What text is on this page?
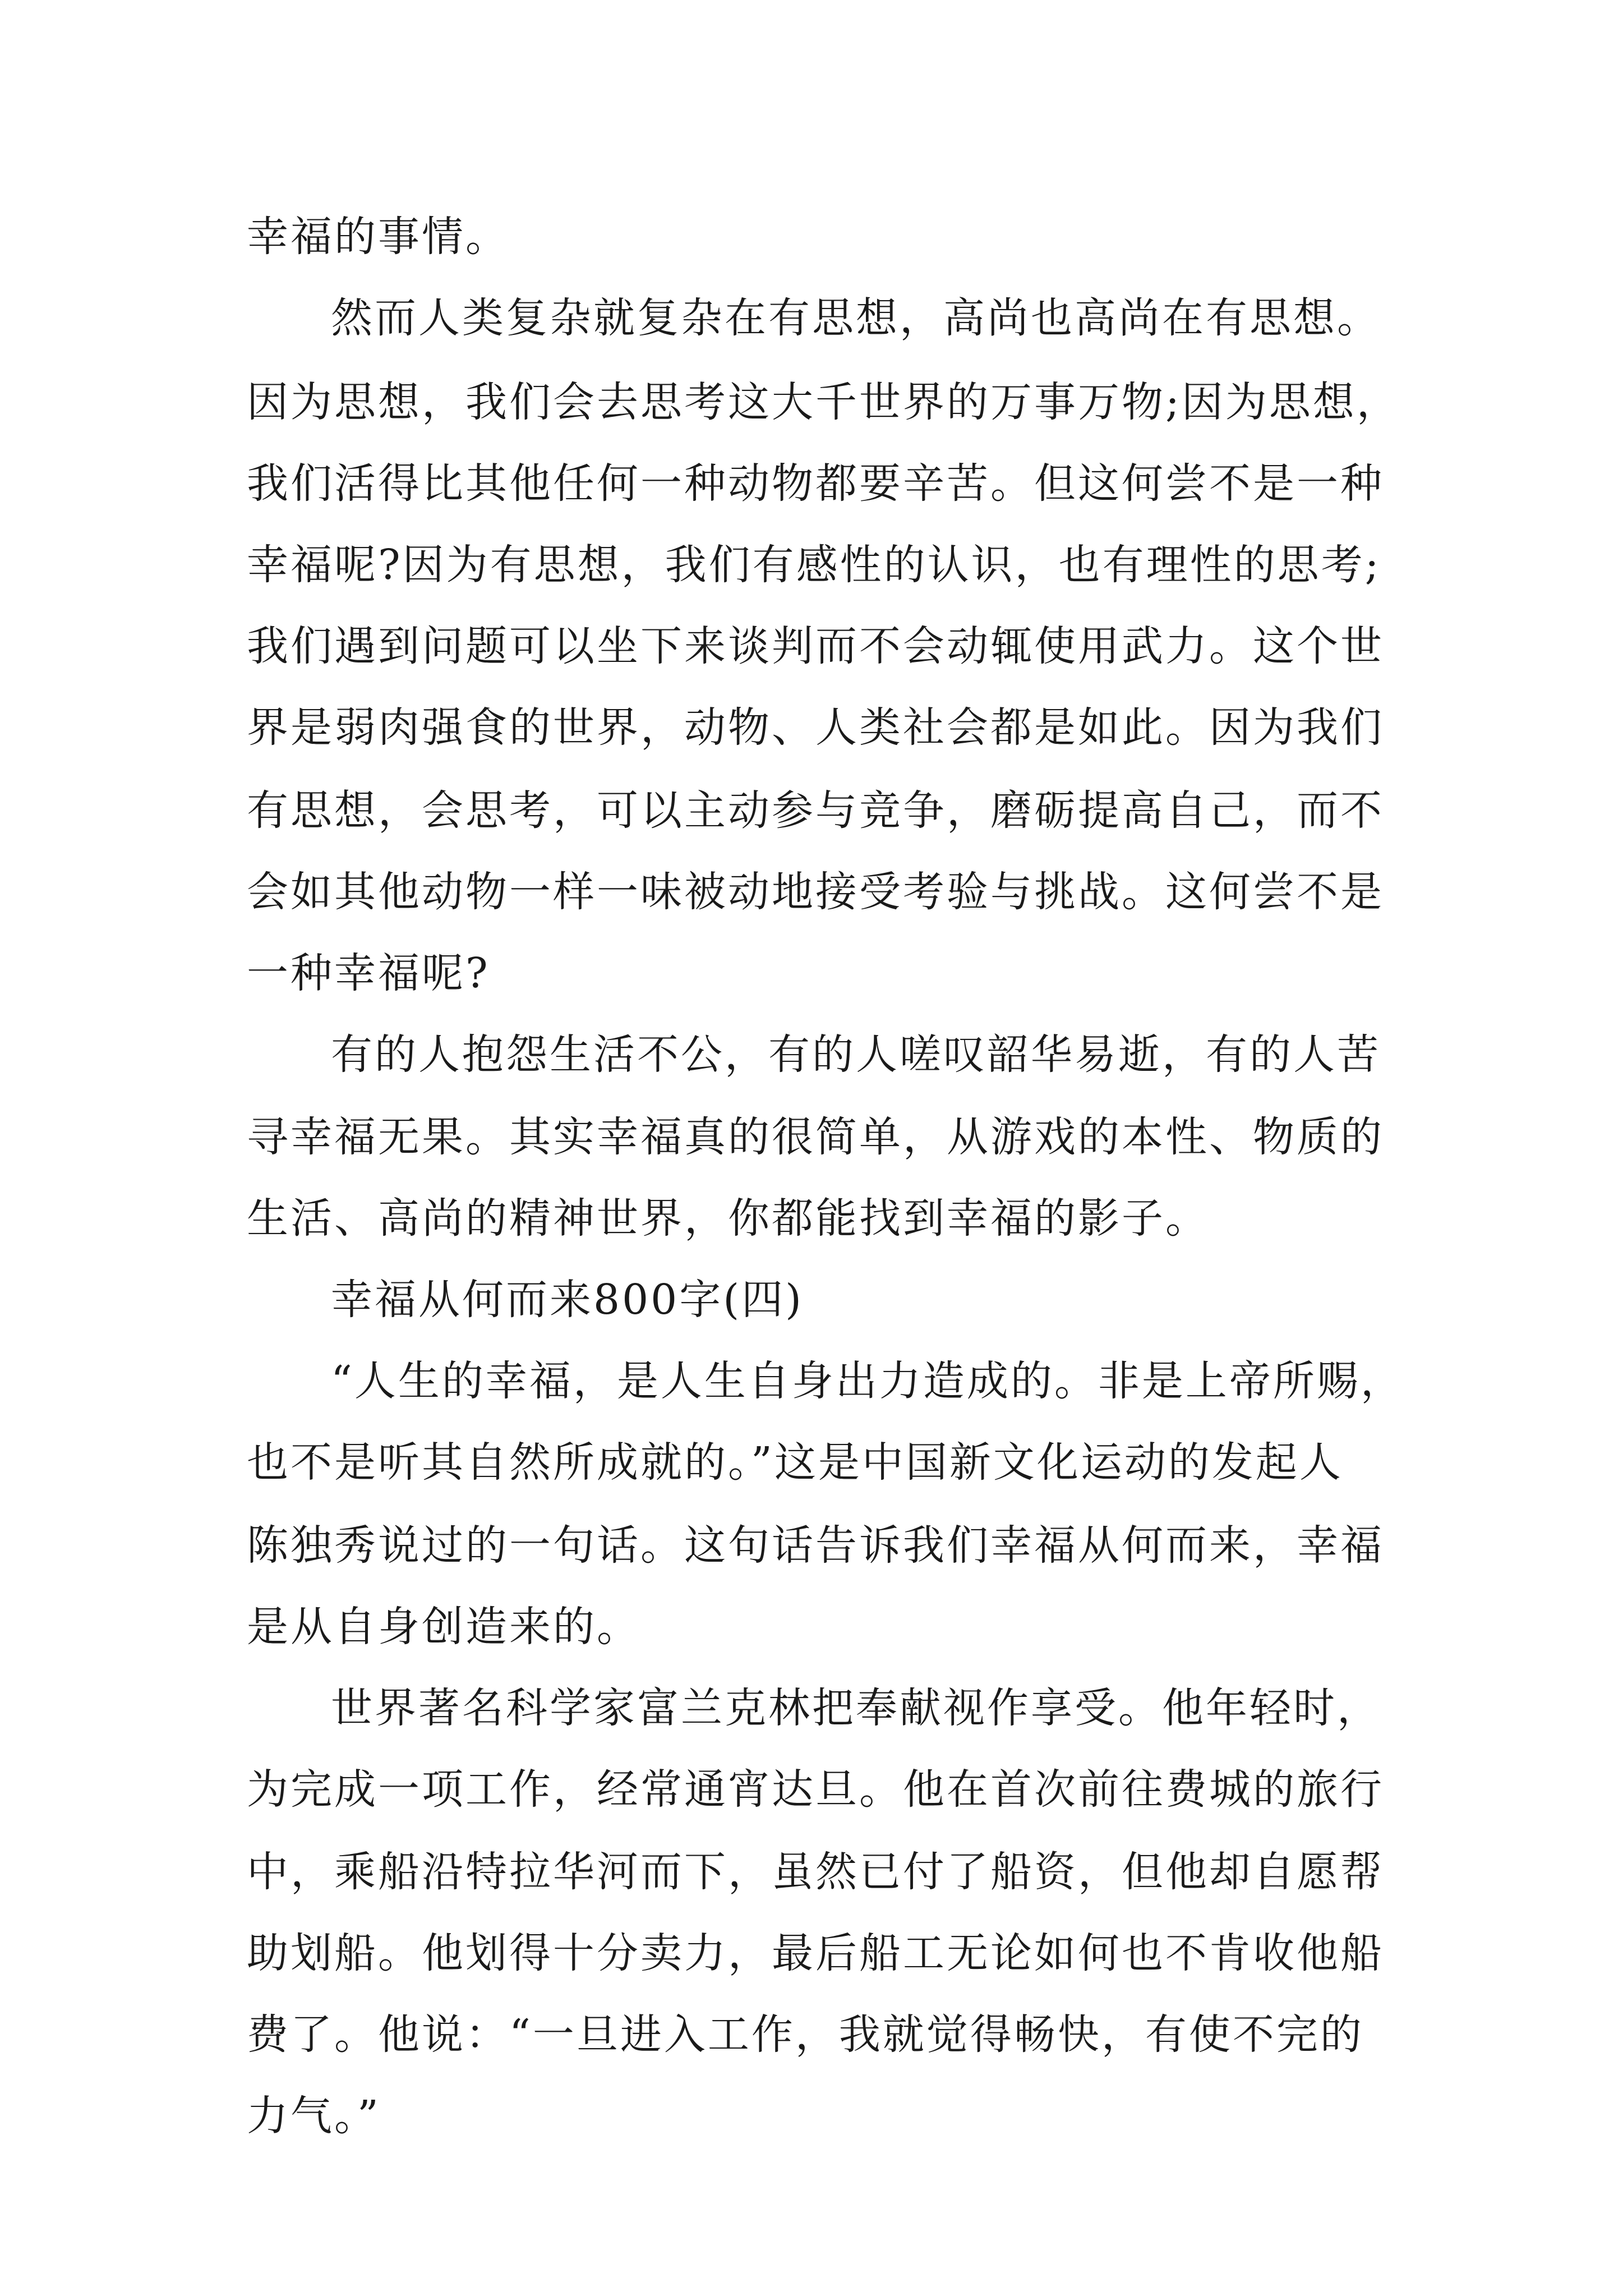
幸福的事情。
然而人类复杂就复杂在有思想，高尚也高尚在有思想。
因为思想，我们会去思考这大千世界的万事万物;因为思想，
我们活得比其他任何一种动物都要辛苦。但这何尝不是一种
幸福呢?因为有思想，我们有感性的认识，也有理性的思考;
我们遇到问题可以坐下来谈判而不会动辄使用武力。这个世
界是弱肉强食的世界，动物、人类社会都是如此。因为我们
有思想，会思考，可以主动参与竞争，磨砺提高自己，而不
会如其他动物一样一味被动地接受考验与挑战。这何尝不是
一种幸福呢?
有的人抱怨生活不公，有的人嗟叹韶华易逝，有的人苦
寻幸福无果。其实幸福真的很简单，从游戏的本性、物质的
生活、高尚的精神世界，你都能找到幸福的影子。
幸福从何而来800字(四)
“人生的幸福，是人生自身出力造成的。非是上帝所赐，
也不是听其自然所成就的。”这是中国新文化运动的发起人
陈独秀说过的一句话。这句话告诉我们幸福从何而来，幸福
是从自身创造来的。
世界著名科学家富兰克林把奉献视作享受。他年轻时，
为完成一项工作，经常通宵达旦。他在首次前往费城的旅行
中，乘船沿特拉华河而下，虽然已付了船资，但他却自愿帮
助划船。他划得十分卖力，最后船工无论如何也不肯收他船
费了。他说：“一旦进入工作，我就觉得畅快，有使不完的
力气。”
